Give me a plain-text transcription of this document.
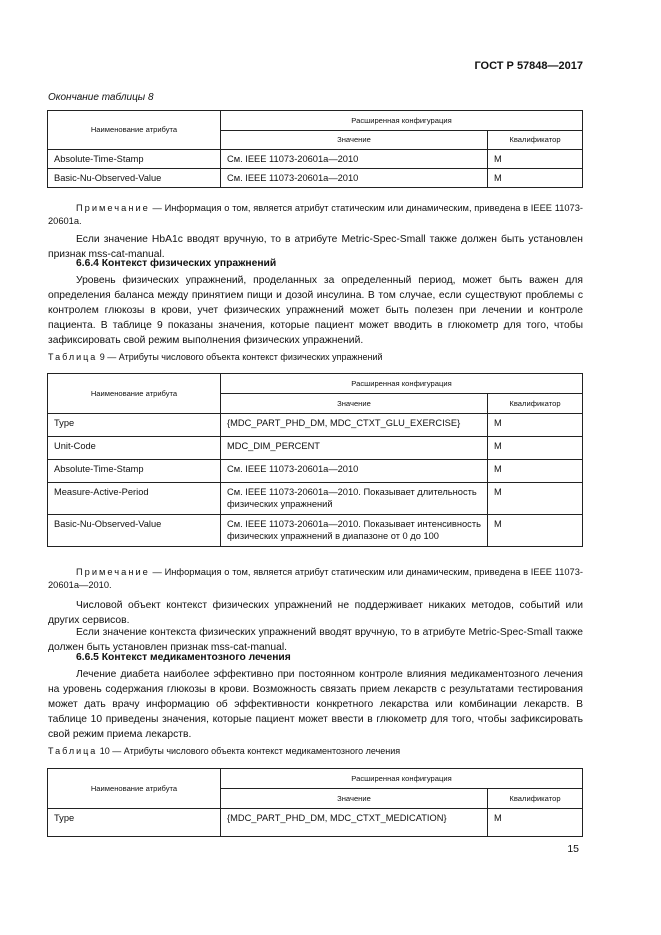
ГОСТ Р 57848—2017
Окончание таблицы 8
Наименование атрибута	Расширенная конфигурация	
	Значение	Квалификатор
Absolute-Time-Stamp	См. IEEE 11073-20601a—2010	M
Basic-Nu-Observed-Value	См. IEEE 11073-20601a—2010	M
Примечание — Информация о том, является атрибут статическим или динамическим, приведена в IEEE 11073-20601a.
Если значение HbA1c вводят вручную, то в атрибуте Metric-Spec-Small также должен быть установлен признак mss-cat-manual.
6.6.4 Контекст физических упражнений
Уровень физических упражнений, проделанных за определенный период, может быть важен для определения баланса между принятием пищи и дозой инсулина. В том случае, если существуют проблемы с контролем глюкозы в крови, учет физических упражнений может быть полезен при лечении и контроле пациента. В таблице 9 показаны значения, которые пациент может вводить в глюкометр для того, чтобы зафиксировать свой режим выполнения физических упражнений.
Таблица 9 — Атрибуты числового объекта контекст физических упражнений
Наименование атрибута	Расширенная конфигурация	
	Значение	Квалификатор
Type	{MDC_PART_PHD_DM, MDC_CTXT_GLU_EXERCISE}	M
Unit-Code	MDC_DIM_PERCENT	M
Absolute-Time-Stamp	См. IEEE 11073-20601a—2010	M
Measure-Active-Period	См. IEEE 11073-20601a—2010. Показывает длительность физических упражнений	M
Basic-Nu-Observed-Value	См. IEEE 11073-20601a—2010. Показывает интенсивность физических упражнений в диапазоне от 0 до 100	M
Примечание — Информация о том, является атрибут статическим или динамическим, приведена в IEEE 11073-20601a—2010.
Числовой объект контекст физических упражнений не поддерживает никаких методов, событий или других сервисов.
Если значение контекста физических упражнений вводят вручную, то в атрибуте Metric-Spec-Small также должен быть установлен признак mss-cat-manual.
6.6.5 Контекст медикаментозного лечения
Лечение диабета наиболее эффективно при постоянном контроле влияния медикаментозного лечения на уровень содержания глюкозы в крови. Возможность связать прием лекарств с результатами тестирования может дать врачу информацию об эффективности конкретного лекарства или комбинации лекарств. В таблице 10 приведены значения, которые пациент может ввести в глюкометр для того, чтобы зафиксировать свой режим приема лекарств.
Таблица 10 — Атрибуты числового объекта контекст медикаментозного лечения
Наименование атрибута	Расширенная конфигурация	
	Значение	Квалификатор
Type	{MDC_PART_PHD_DM, MDC_CTXT_MEDICATION}	M
15
